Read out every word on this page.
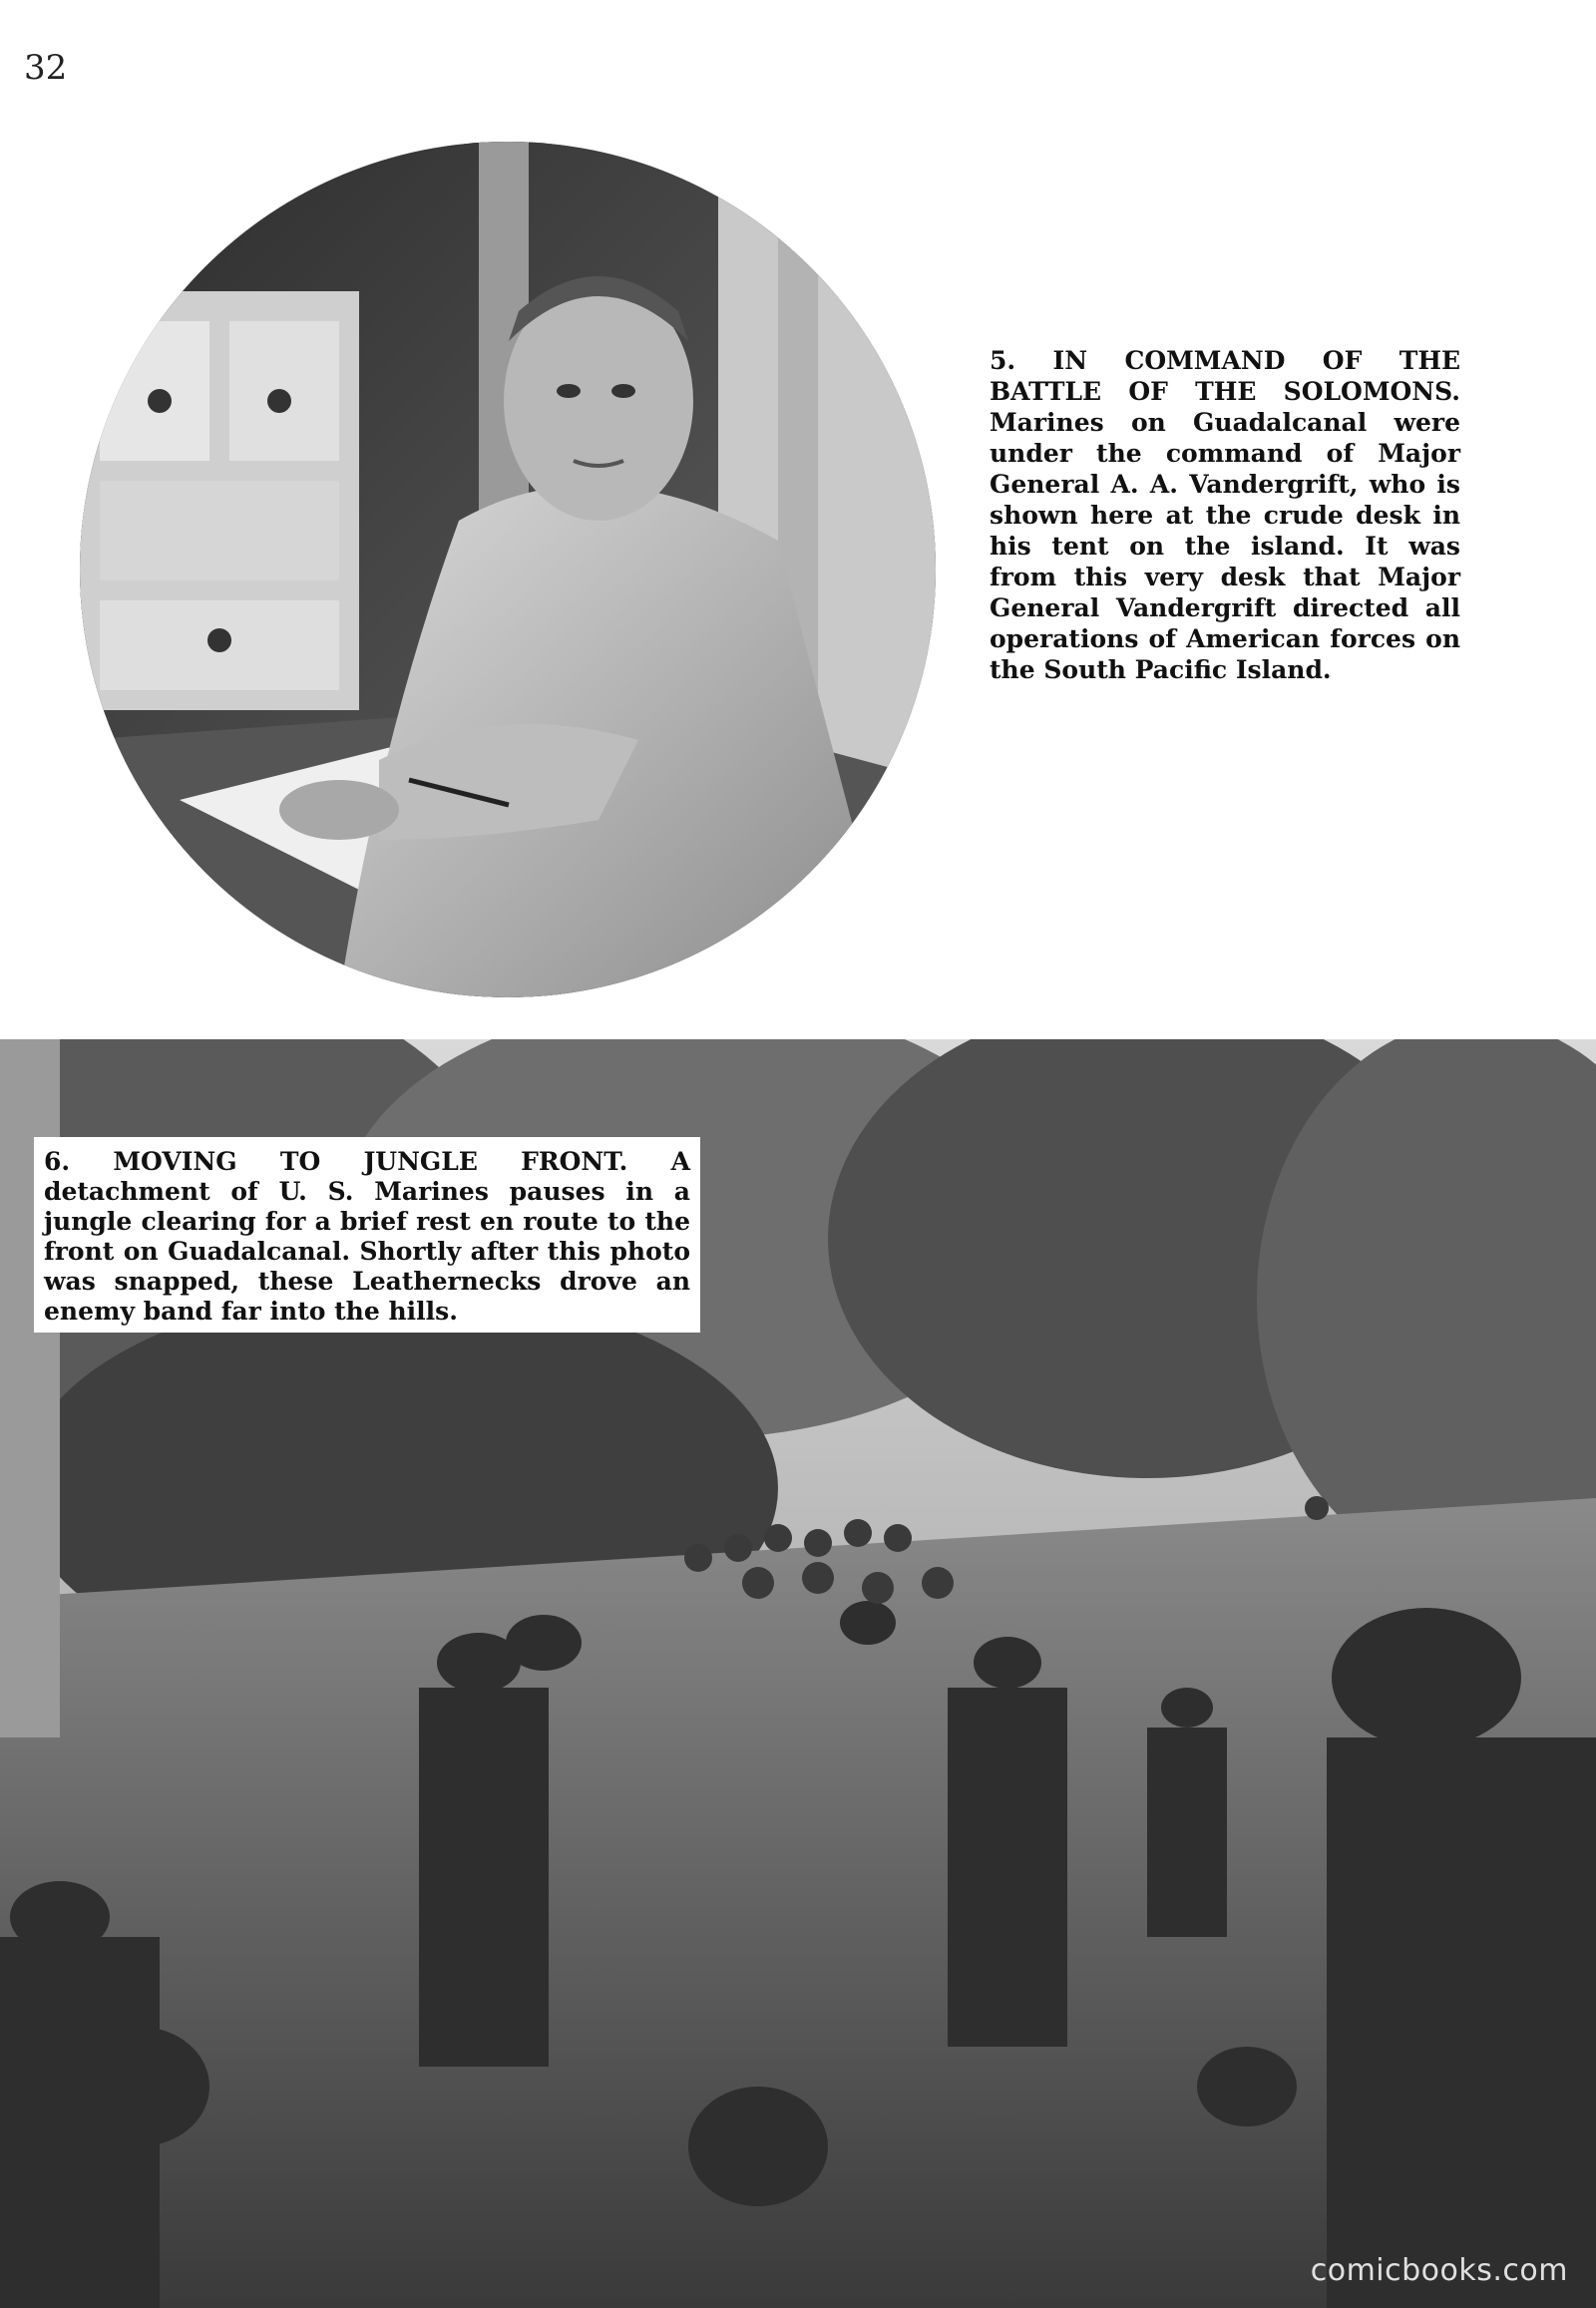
32
5. IN COMMAND OF THE BATTLE OF THE SOLOMONS. Marines on Guadalcanal were under the command of Major General A. A. Vandergrift, who is shown here at the crude desk in his tent on the island. It was from this very desk that Major General Vandergrift directed all operations of American forces on the South Pacific Island.
6. MOVING TO JUNGLE FRONT. A detachment of U. S. Marines pauses in a jungle clearing for a brief rest en route to the front on Guadalcanal. Shortly after this photo was snapped, these Leathernecks drove an enemy band far into the hills.
comicbooks.com
